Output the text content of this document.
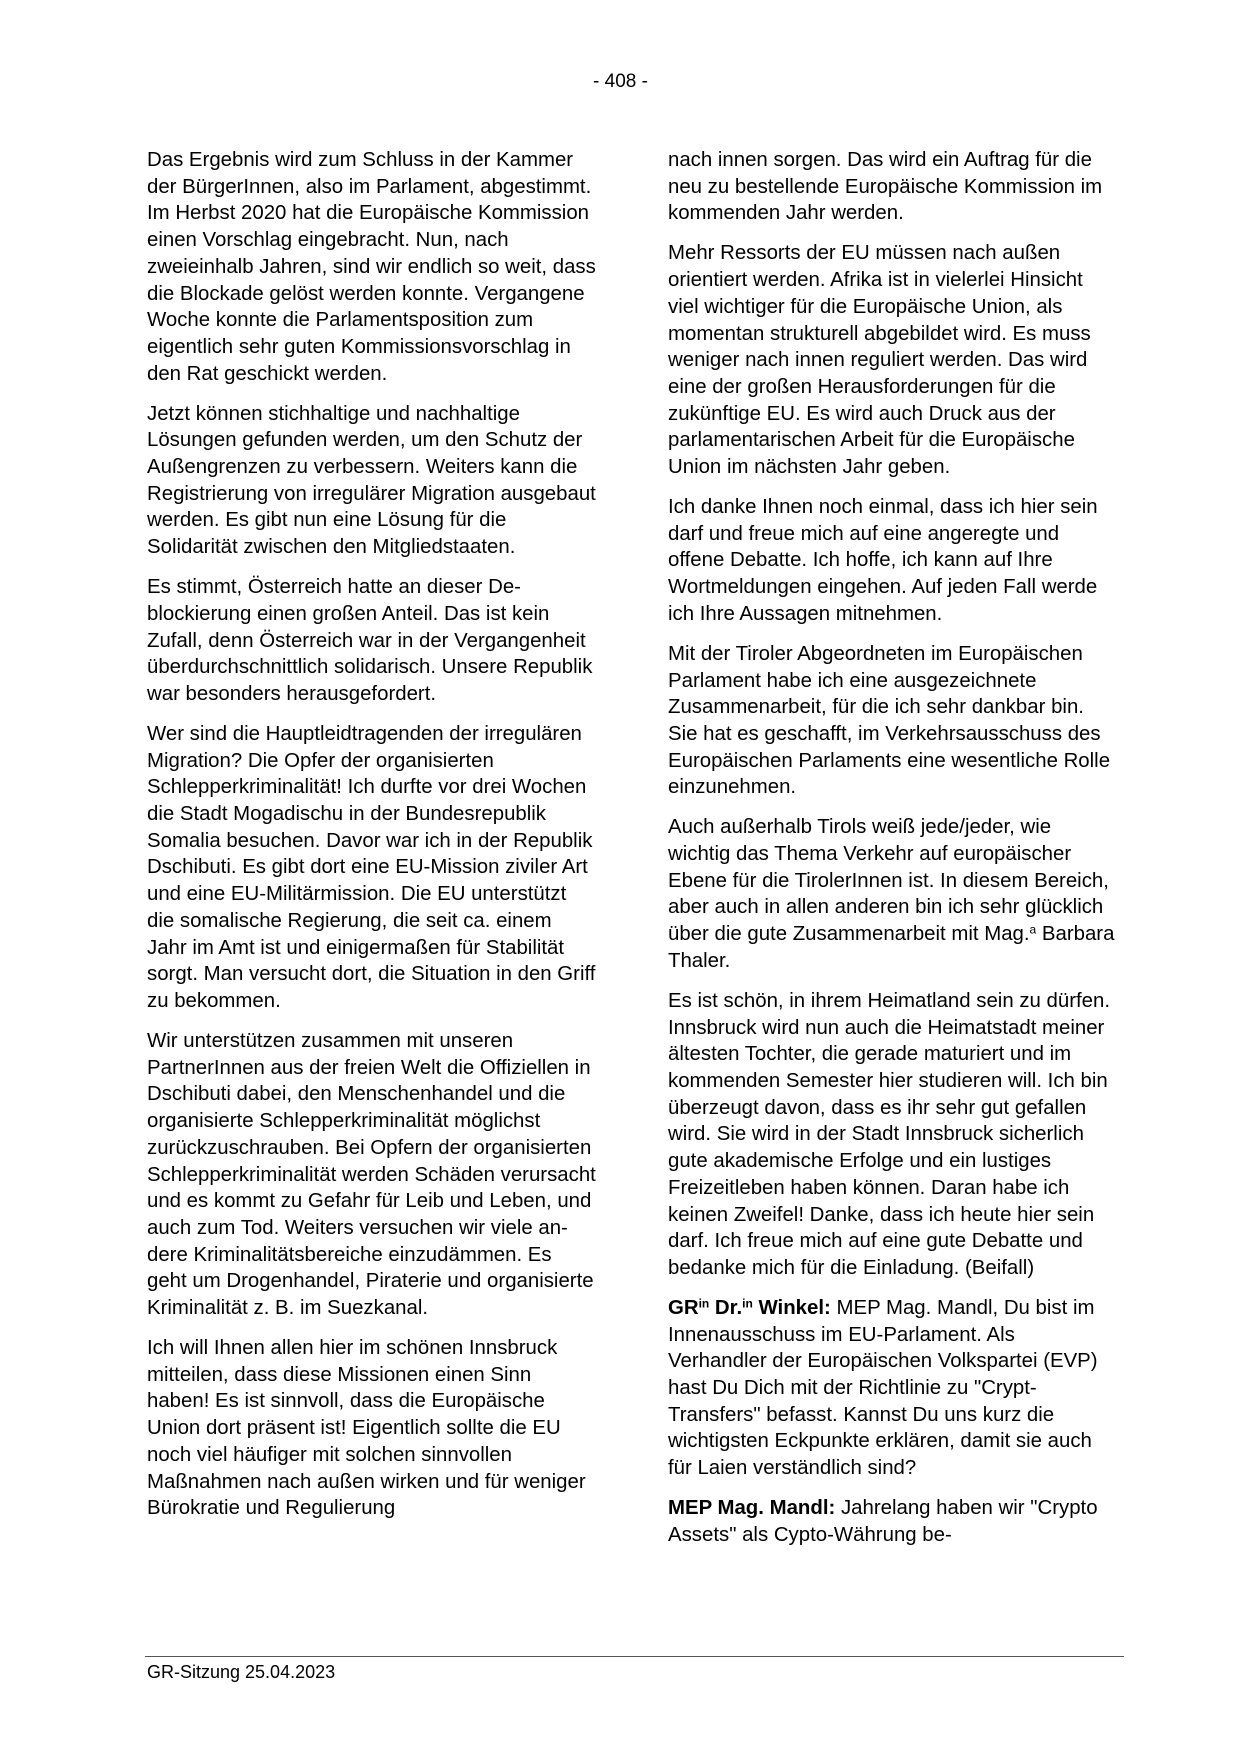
- 408 -

Das Ergebnis wird zum Schluss in der Kammer der BürgerInnen, also im Parlament, abgestimmt. Im Herbst 2020 hat die Europäische Kommission einen Vorschlag eingebracht. Nun, nach zweieinhalb Jahren, sind wir endlich so weit, dass die Blockade gelöst werden konnte. Vergangene Woche konnte die Parlamentsposition zum eigentlich sehr guten Kommissionsvorschlag in den Rat geschickt werden.

Jetzt können stichhaltige und nachhaltige Lösungen gefunden werden, um den Schutz der Außengrenzen zu verbessern. Weiters kann die Registrierung von irregulärer Migration ausgebaut werden. Es gibt nun eine Lösung für die Solidarität zwischen den Mitgliedstaaten.

Es stimmt, Österreich hatte an dieser Deblockierung einen großen Anteil. Das ist kein Zufall, denn Österreich war in der Vergangenheit überdurchschnittlich solidarisch. Unsere Republik war besonders herausgefordert.

Wer sind die Hauptleidtragenden der irregulären Migration? Die Opfer der organisierten Schlepperkriminalität! Ich durfte vor drei Wochen die Stadt Mogadischu in der Bundesrepublik Somalia besuchen. Davor war ich in der Republik Dschibuti. Es gibt dort eine EU-Mission ziviler Art und eine EU-Militärmission. Die EU unterstützt die somalische Regierung, die seit ca. einem Jahr im Amt ist und einigermaßen für Stabilität sorgt. Man versucht dort, die Situation in den Griff zu bekommen.

Wir unterstützen zusammen mit unseren PartnerInnen aus der freien Welt die Offiziellen in Dschibuti dabei, den Menschenhandel und die organisierte Schlepperkriminalität möglichst zurückzuschrauben. Bei Opfern der organisierten Schlepperkriminalität werden Schäden verursacht und es kommt zu Gefahr für Leib und Leben, und auch zum Tod. Weiters versuchen wir viele andere Kriminalitätsbereiche einzudämmen. Es geht um Drogenhandel, Piraterie und organisierte Kriminalität z. B. im Suezkanal.

Ich will Ihnen allen hier im schönen Innsbruck mitteilen, dass diese Missionen einen Sinn haben! Es ist sinnvoll, dass die Europäische Union dort präsent ist! Eigentlich sollte die EU noch viel häufiger mit solchen sinnvollen Maßnahmen nach außen wirken und für weniger Bürokratie und Regulierung

nach innen sorgen. Das wird ein Auftrag für die neu zu bestellende Europäische Kommission im kommenden Jahr werden.

Mehr Ressorts der EU müssen nach außen orientiert werden. Afrika ist in vielerlei Hinsicht viel wichtiger für die Europäische Union, als momentan strukturell abgebildet wird. Es muss weniger nach innen reguliert werden. Das wird eine der großen Herausforderungen für die zukünftige EU. Es wird auch Druck aus der parlamentarischen Arbeit für die Europäische Union im nächsten Jahr geben.

Ich danke Ihnen noch einmal, dass ich hier sein darf und freue mich auf eine angeregte und offene Debatte. Ich hoffe, ich kann auf Ihre Wortmeldungen eingehen. Auf jeden Fall werde ich Ihre Aussagen mitnehmen.

Mit der Tiroler Abgeordneten im Europäischen Parlament habe ich eine ausgezeichnete Zusammenarbeit, für die ich sehr dankbar bin. Sie hat es geschafft, im Verkehrsausschuss des Europäischen Parlaments eine wesentliche Rolle einzunehmen.

Auch außerhalb Tirols weiß jede/jeder, wie wichtig das Thema Verkehr auf europäischer Ebene für die TirolerInnen ist. In diesem Bereich, aber auch in allen anderen bin ich sehr glücklich über die gute Zusammenarbeit mit Mag.$^a$ Barbara Thaler.

Es ist schön, in ihrem Heimatland sein zu dürfen. Innsbruck wird nun auch die Heimatstadt meiner ältesten Tochter, die gerade maturiert und im kommenden Semester hier studieren will. Ich bin überzeugt davon, dass es ihr sehr gut gefallen wird. Sie wird in der Stadt Innsbruck sicherlich gute akademische Erfolge und ein lustiges Freizeitleben haben können. Daran habe ich keinen Zweifel! Danke, dass ich heute hier sein darf. Ich freue mich auf eine gute Debatte und bedanke mich für die Einladung. (Beifall)

$GR^{in}$ Dr.$^{in}$ Winkel: MEP Mag. Mandl, Du bist im Innenausschuss im EU-Parlament. Als Verhandler der Europäischen Volkspartei (EVP) hast Du Dich mit der Richtlinie zu "Crypt-Transfers" befasst. Kannst Du uns kurz die wichtigsten Eckpunkte erklären, damit sie auch für Laien verständlich sind?

MEP Mag. Mandl: Jahrelang haben wir "Crypto Assets" als Cypto-Währung be-

GR-Sitzung 25.04.2023
